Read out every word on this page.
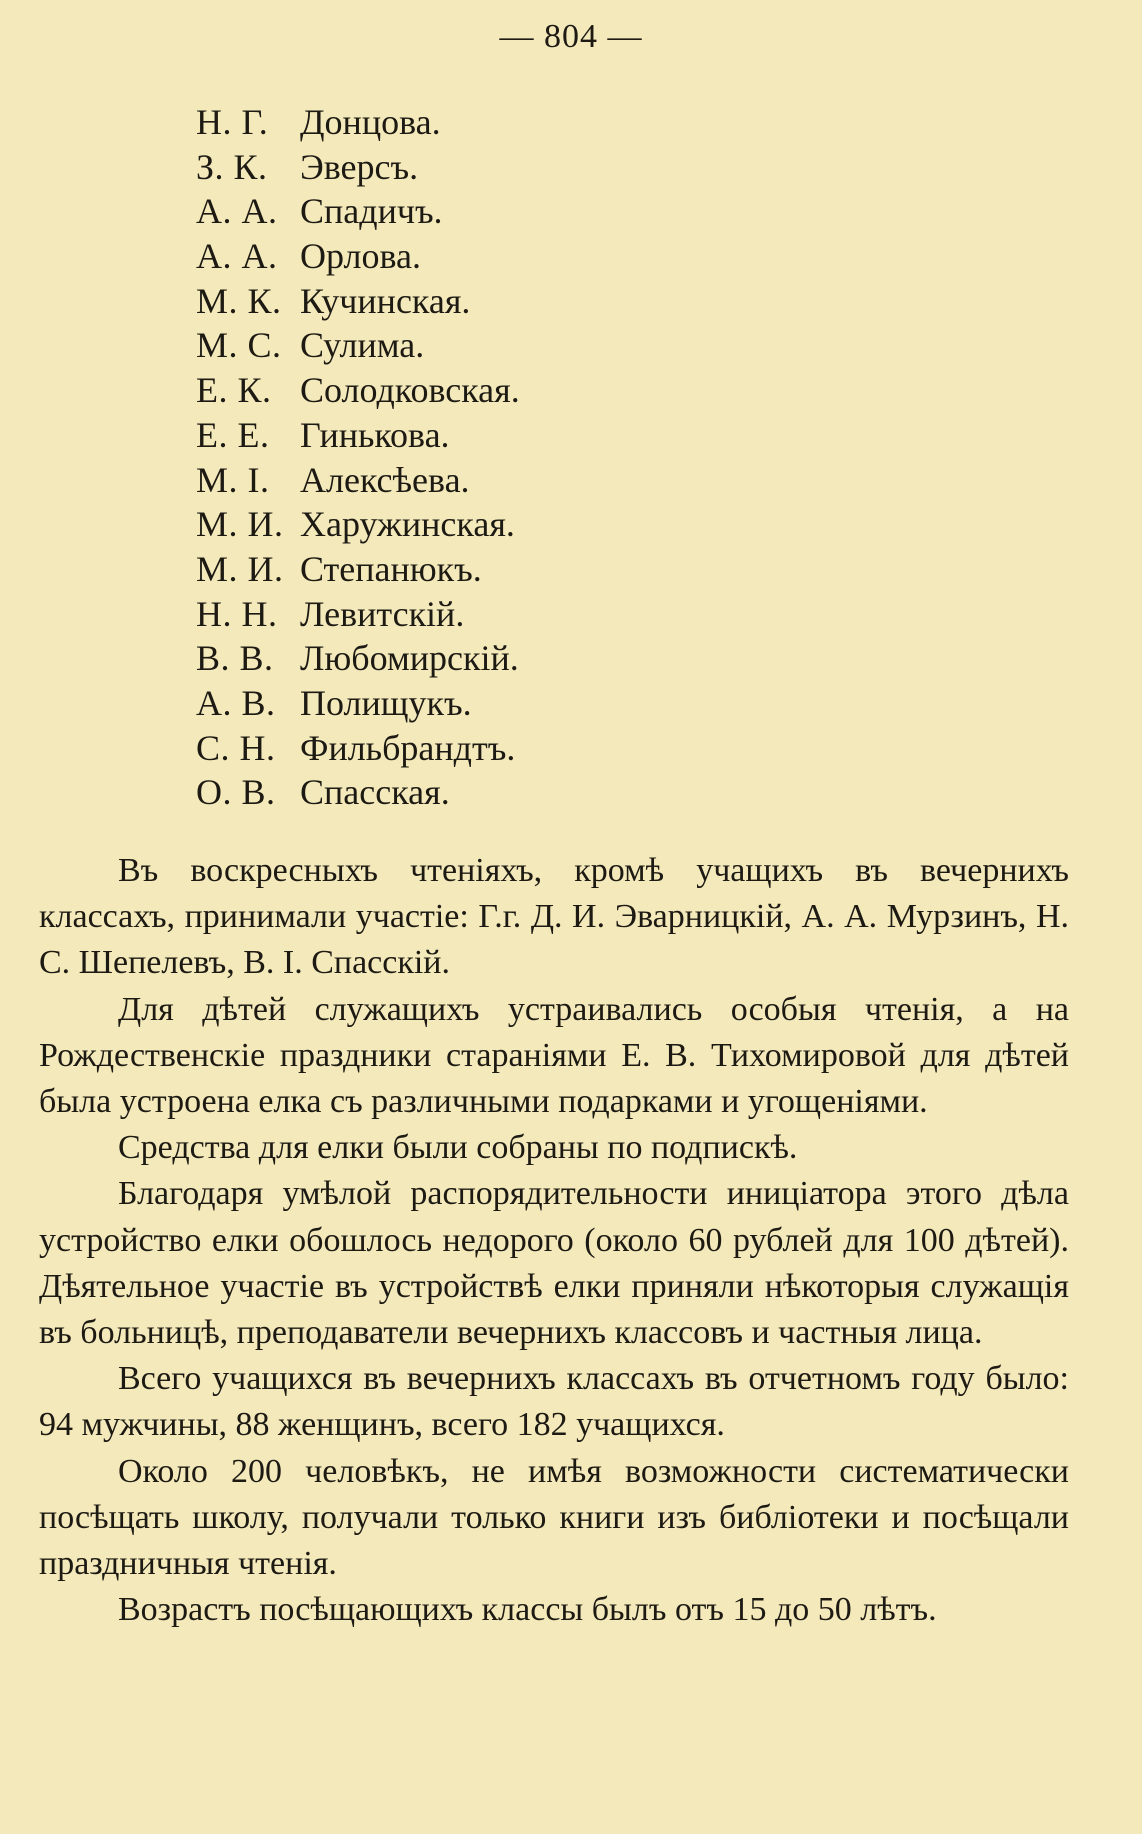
— 804 —
Н. Г. Донцова.
З. К. Эверсъ.
А. А. Спадичъ.
А. А. Орлова.
М. К. Кучинская.
М. С. Сулима.
Е. К. Солодковская.
Е. Е. Гинькова.
М. І. Алексѣева.
М. И. Харужинская.
М. И. Степанюкъ.
Н. Н. Левитскій.
В. В. Любомирскій.
А. В. Полищукъ.
С. Н. Фильбрандтъ.
О. В. Спасская.

Въ воскресныхъ чтеніяхъ, кромѣ учащихъ въ вечернихъ классахъ, принимали участіе: Г.г. Д. И. Эварницкій, А. А. Мурзинъ, Н. С. Шепелевъ, В. І. Спасскій.

Для дѣтей служащихъ устраивались особыя чтенія, а на Рождественскіе праздники стараніями Е. В. Тихомировой для дѣтей была устроена елка съ различными подарками и угощеніями.

Средства для елки были собраны по подпискѣ.

Благодаря умѣлой распорядительности иниціатора этого дѣла устройство елки обошлось недорого (около 60 рублей для 100 дѣтей). Дѣятельное участіе въ устройствѣ елки приняли нѣкоторыя служащія въ больницѣ, преподаватели вечернихъ классовъ и частныя лица.

Всего учащихся въ вечернихъ классахъ въ отчетномъ году было: 94 мужчины, 88 женщинъ, всего 182 учащихся.

Около 200 человѣкъ, не имѣя возможности систематически посѣщать школу, получали только книги изъ библіотеки и посѣщали праздничныя чтенія.

Возрастъ посѣщающихъ классы былъ отъ 15 до 50 лѣтъ.
